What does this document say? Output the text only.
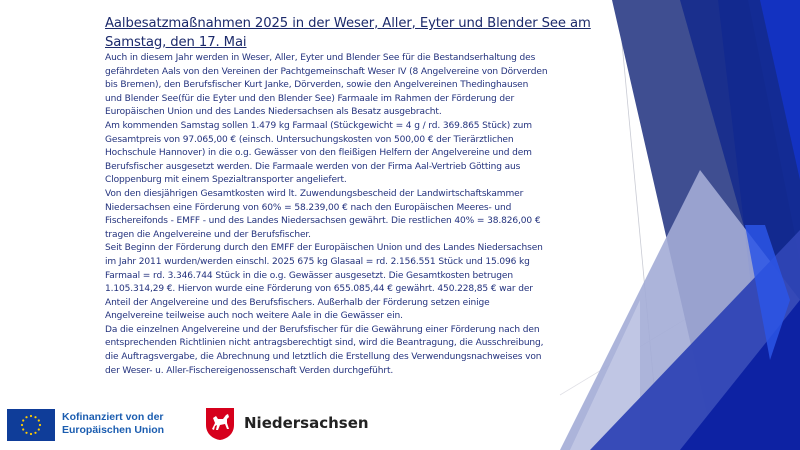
Aalbesatzmaßnahmen 2025 in der Weser, Aller, Eyter und Blender See am
Samstag, den 17. Mai
Auch in diesem Jahr werden in Weser, Aller, Eyter und Blender See für die Bestandserhaltung des
gefährdeten Aals von den Vereinen der Pachtgemeinschaft Weser IV (8 Angelvereine von Dörverden
bis Bremen), den Berufsfischer Kurt Janke, Dörverden, sowie den Angelvereinen Thedinghausen
und Blender See(für die Eyter und den Blender See) Farmaale im Rahmen der Förderung der
Europäischen Union und des Landes Niedersachsen als Besatz ausgebracht.
Am kommenden Samstag sollen 1.479 kg Farmaal (Stückgewicht = 4 g / rd. 369.865 Stück) zum
Gesamtpreis von 97.065,00 € (einsch. Untersuchungskosten von 500,00 € der Tierärztlichen
Hochschule Hannover) in die o.g. Gewässer von den fleißigen Helfern der Angelvereine und dem
Berufsfischer ausgesetzt werden. Die Farmaale werden von der Firma Aal-Vertrieb Götting aus
Cloppenburg mit einem Spezialtransporter angeliefert.
Von den diesjährigen Gesamtkosten wird lt. Zuwendungsbescheid der Landwirtschaftskammer
Niedersachsen eine Förderung von 60% = 58.239,00 € nach den Europäischen Meeres- und
Fischereifonds - EMFF - und des Landes Niedersachsen gewährt. Die restlichen 40% = 38.826,00 €
tragen die Angelvereine und der Berufsfischer.
Seit Beginn der Förderung durch den EMFF der Europäischen Union und des Landes Niedersachsen
im Jahr 2011 wurden/werden einschl. 2025 675 kg Glasaal = rd. 2.156.551 Stück und 15.096 kg
Farmaal = rd. 3.346.744 Stück in die o.g. Gewässer ausgesetzt. Die Gesamtkosten betrugen
1.105.314,29 €. Hiervon wurde eine Förderung von 655.085,44 € gewährt. 450.228,85 € war der
Anteil der Angelvereine und des Berufsfischers. Außerhalb der Förderung setzen einige
Angelvereine teilweise auch noch weitere Aale in die Gewässer ein.
Da die einzelnen Angelvereine und der Berufsfischer für die Gewährung einer Förderung nach den
entsprechenden Richtlinien nicht antragsberechtigt sind, wird die Beantragung, die Ausschreibung,
die Auftragsvergabe, die Abrechnung und letztlich die Erstellung des Verwendungsnachweises von
der Weser- u. Aller-Fischereigenossenschaft Verden durchgeführt.
Kofinanziert von der
Europäischen Union	Niedersachsen
